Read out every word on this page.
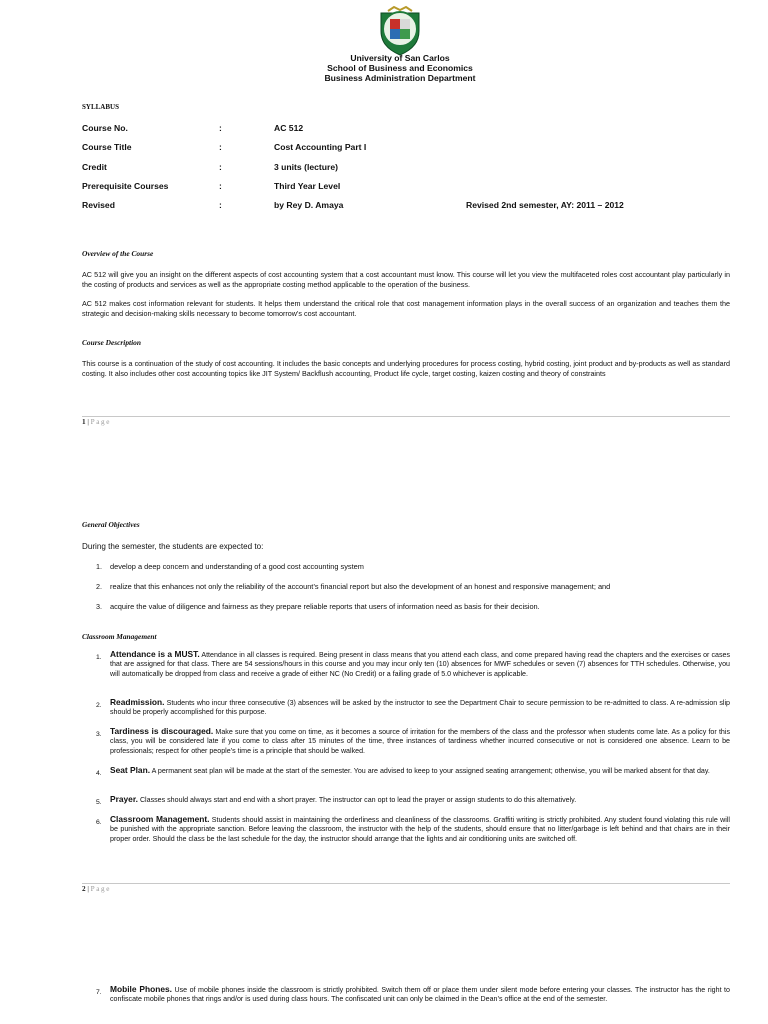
University of San Carlos
School of Business and Economics
Business Administration Department
SYLLABUS
Course No.	:	AC 512
Course Title	:	Cost Accounting Part I
Credit	:	3 units (lecture)
Prerequisite Courses	:	Third Year Level
Revised	:	by Rey D. Amaya	Revised 2nd semester, AY: 2011 – 2012
Overview of the Course

AC 512 will give you an insight on the different aspects of cost accounting system that a cost accountant must know. This course will let you view the multifaceted roles cost accountant play particularly in the costing of products and services as well as the appropriate costing method applicable to the operation of the business.

AC 512 makes cost information relevant for students. It helps them understand the critical role that cost management information plays in the overall success of an organization and teaches them the strategic and decision-making skills necessary to become tomorrow’s cost accountant.

Course Description

This course is a continuation of the study of cost accounting. It includes the basic concepts and underlying procedures for process costing, hybrid costing, joint product and by-products as well as standard costing. It also includes other cost accounting topics like JIT System/ Backflush accounting, Product life cycle, target costing, kaizen costing and theory of constraints

1 | Page
General Objectives
During the semester, the students are expected to:
1. develop a deep concern and understanding of a good cost accounting system
2. realize that this enhances not only the reliability of the account’s financial report but also the development of an honest and responsive management; and
3. acquire the value of diligence and fairness as they prepare reliable reports that users of information need as basis for their decision.
Classroom Management
1. Attendance is a MUST. Attendance in all classes is required. Being present in class means that you attend each class, and come prepared having read the chapters and the exercises or cases that are assigned for that class. There are 54 sessions/hours in this course and you may incur only ten (10) absences for MWF schedules or seven (7) absences for TTH schedules. Otherwise, you will automatically be dropped from class and receive a grade of either NC (No Credit) or a failing grade of 5.0 whichever is applicable.

2. Readmission. Students who incur three consecutive (3) absences will be asked by the instructor to see the Department Chair to secure permission to be re-admitted to class. A re-admission slip should be properly accomplished for this purpose.

3. Tardiness is discouraged. Make sure that you come on time, as it becomes a source of irritation for the members of the class and the professor when students come late. As a policy for this class, you will be considered late if you come to class after 15 minutes of the time, three instances of tardiness whether incurred consecutive or not is considered one absence. Learn to be professionals; respect for other people’s time is a principle that should be walked.

4. Seat Plan. A permanent seat plan will be made at the start of the semester. You are advised to keep to your assigned seating arrangement; otherwise, you will be marked absent for that day.

5. Prayer. Classes should always start and end with a short prayer. The instructor can opt to lead the prayer or assign students to do this alternatively.

6. Classroom Management. Students should assist in maintaining the orderliness and cleanliness of the classrooms. Graffiti writing is strictly prohibited. Any student found violating this rule will be punished with the appropriate sanction. Before leaving the classroom, the instructor with the help of the students, should ensure that no litter/garbage is left behind and that chairs are in their proper order. Should the class be the last schedule for the day, the instructor should arrange that the lights and air conditioning units are switched off.

2 | Page
7. Mobile Phones. Use of mobile phones inside the classroom is strictly prohibited. Switch them off or place them under silent mode before entering your classes. The instructor has the right to confiscate mobile phones that rings and/or is used during class hours. The confiscated unit can only be claimed in the Dean’s office at the end of the semester.
